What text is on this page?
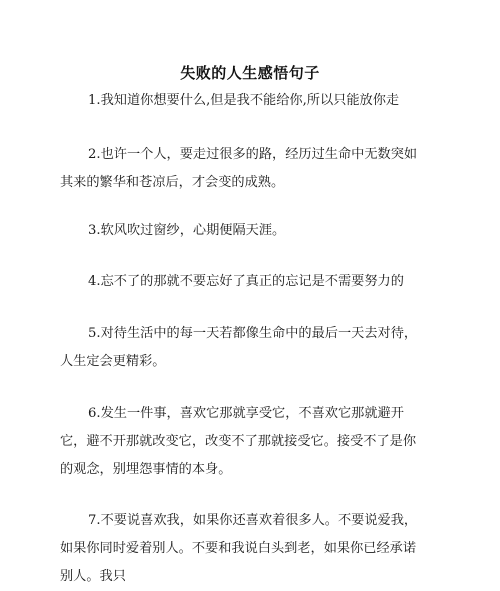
失败的人生感悟句子

1.我知道你想要什么,但是我不能给你,所以只能放你走

2.也许一个人，要走过很多的路，经历过生命中无数突如其来的繁华和苍凉后，才会变的成熟。

3.软风吹过窗纱，心期便隔天涯。

4.忘不了的那就不要忘好了真正的忘记是不需要努力的

5.对待生活中的每一天若都像生命中的最后一天去对待，人生定会更精彩。

6.发生一件事，喜欢它那就享受它，不喜欢它那就避开它，避不开那就改变它，改变不了那就接受它。接受不了是你的观念，别埋怨事情的本身。

7.不要说喜欢我，如果你还喜欢着很多人。不要说爱我，如果你同时爱着别人。不要和我说白头到老，如果你已经承诺别人。我只
